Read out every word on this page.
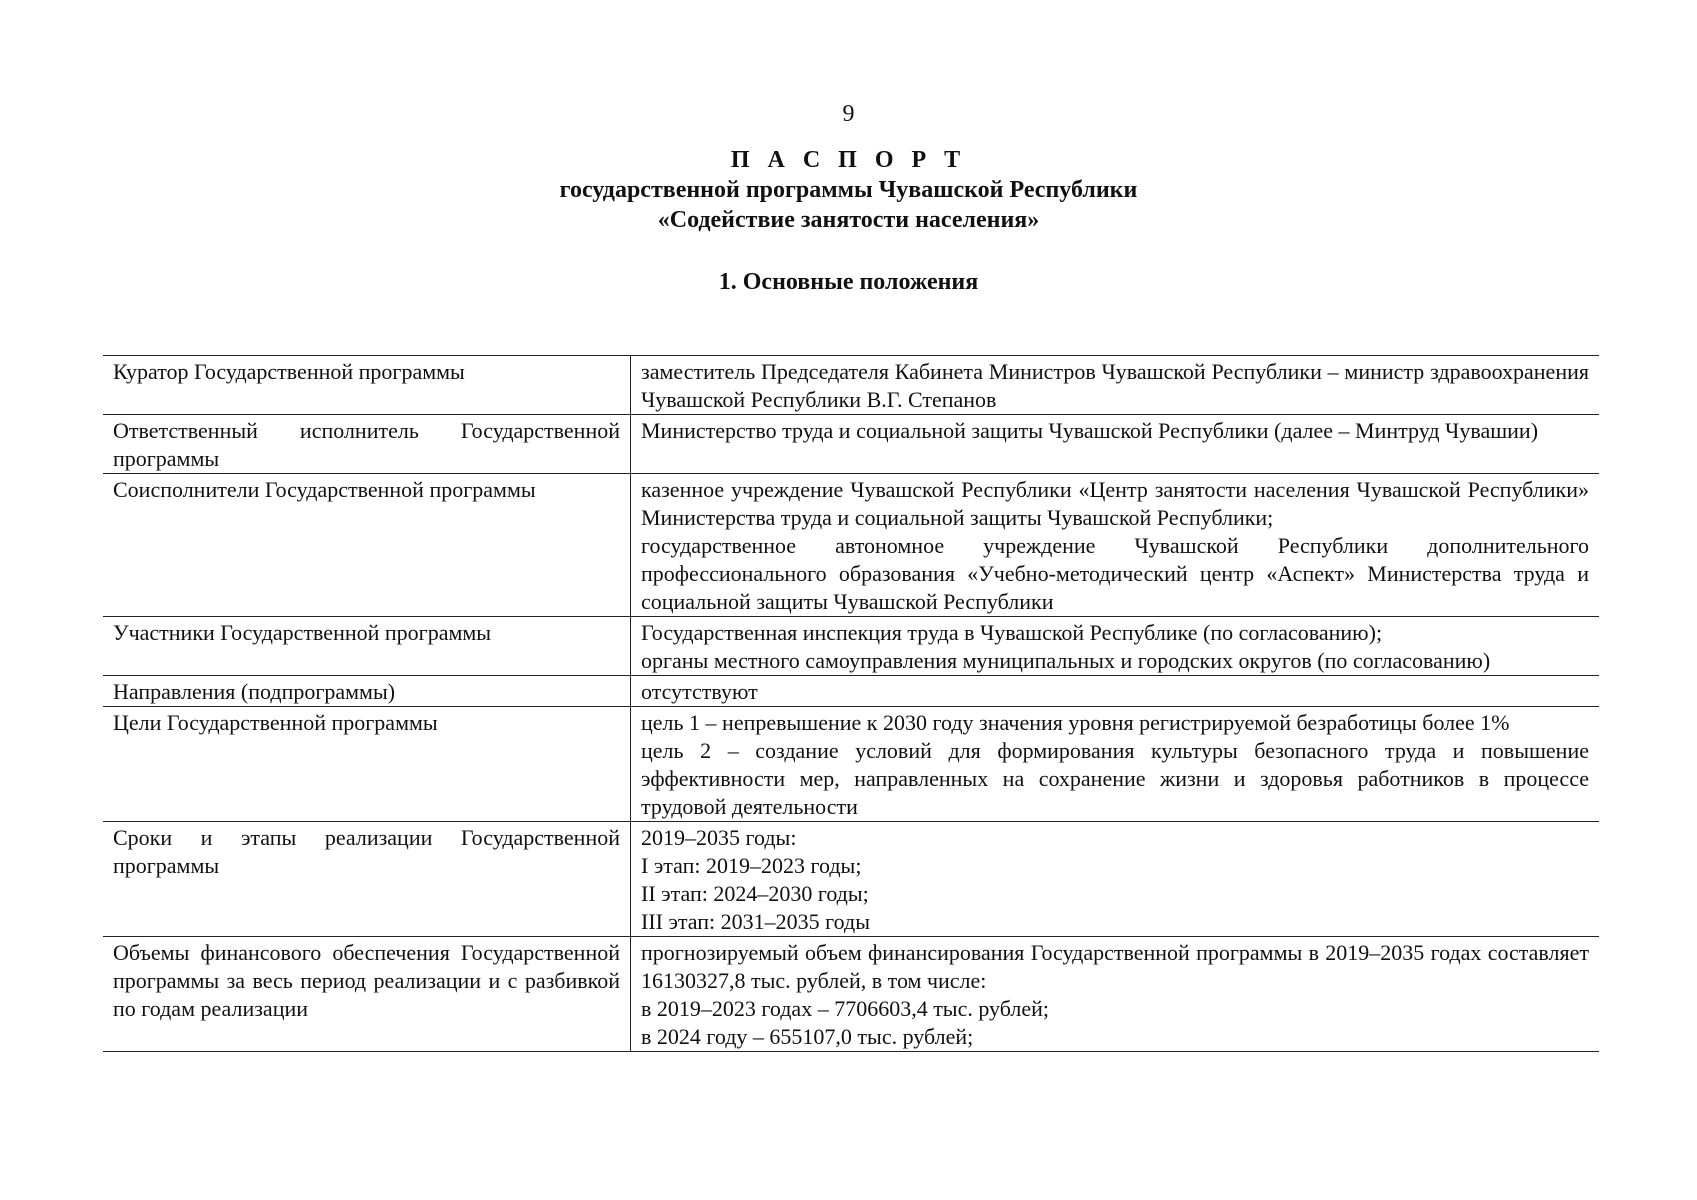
9
П А С П О Р Т
государственной программы Чувашской Республики
«Содействие занятости населения»
1. Основные положения
Куратор Государственной программы	заместитель Председателя Кабинета Министров Чувашской Республики – министр здравоохранения Чувашской Республики В.Г. Степанов

Ответственный исполнитель Государственной программы	Министерство труда и социальной защиты Чувашской Республики (далее – Минтруд Чувашии)

Соисполнители Государственной программы	казенное учреждение Чувашской Республики «Центр занятости населения Чувашской Республики» Министерства труда и социальной защиты Чувашской Республики;
государственное автономное учреждение Чувашской Республики дополнительного профессионального образования «Учебно-методический центр «Аспект» Министерства труда и социальной защиты Чувашской Республики

Участники Государственной программы	Государственная инспекция труда в Чувашской Республике (по согласованию);
органы местного самоуправления муниципальных и городских округов (по согласованию)

Направления (подпрограммы)	отсутствуют

Цели Государственной программы	цель 1 – непревышение к 2030 году значения уровня регистрируемой безработицы более 1%
цель 2 – создание условий для формирования культуры безопасного труда и повышение эффективности мер, направленных на сохранение жизни и здоровья работников в процессе трудовой деятельности

Сроки и этапы реализации Государственной программы	2019–2035 годы:
I этап: 2019–2023 годы;
II этап: 2024–2030 годы;
III этап: 2031–2035 годы

Объемы финансового обеспечения Государственной программы за весь период реализации и с разбивкой по годам реализации	прогнозируемый объем финансирования Государственной программы в 2019–2035 годах составляет 16130327,8 тыс. рублей, в том числе:
в 2019–2023 годах – 7706603,4 тыс. рублей;
в 2024 году – 655107,0 тыс. рублей;
